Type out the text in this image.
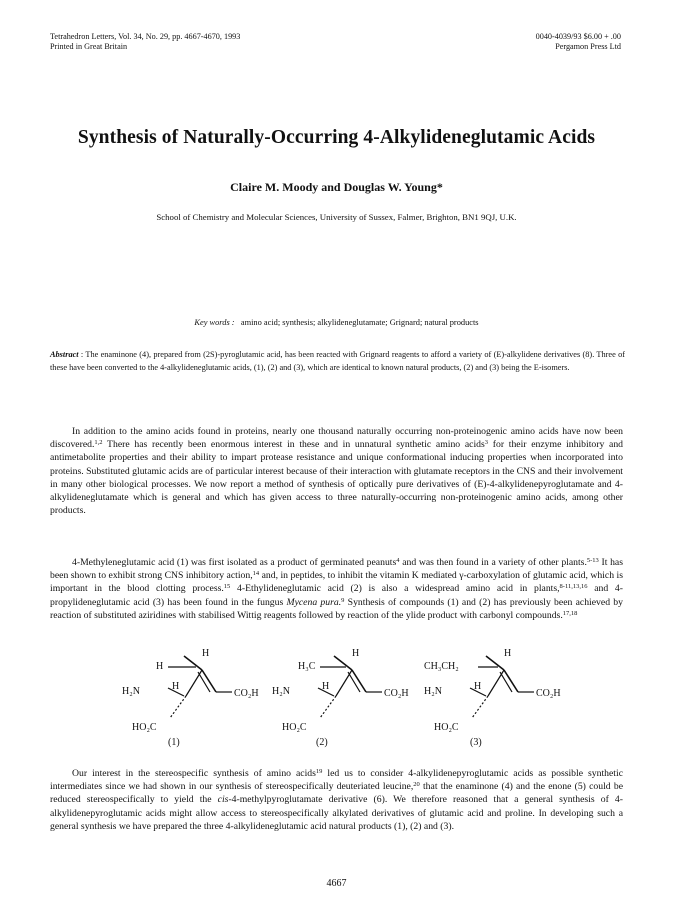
Tetrahedron Letters, Vol. 34, No. 29, pp. 4667-4670, 1993
Printed in Great Britain
0040-4039/93 $6.00 + .00
Pergamon Press Ltd
Synthesis of Naturally-Occurring 4-Alkylideneglutamic Acids
Claire M. Moody and Douglas W. Young*
School of Chemistry and Molecular Sciences, University of Sussex, Falmer, Brighton, BN1 9QJ, U.K.
Key words : amino acid; synthesis; alkylideneglutamate; Grignard; natural products
Abstract : The enaminone (4), prepared from (2S)-pyroglutamic acid, has been reacted with Grignard reagents to afford a variety of (E)-alkylidene derivatives (8). Three of these have been converted to the 4-alkylideneglutamic acids, (1), (2) and (3), which are identical to known natural products, (2) and (3) being the E-isomers.

In addition to the amino acids found in proteins, nearly one thousand naturally occurring non-proteinogenic amino acids have now been discovered.$^{1,2}$ There has recently been enormous interest in these and in unnatural synthetic amino acids$^3$ for their enzyme inhibitory and antimetabolite properties and their ability to impart protease resistance and unique conformational inducing properties when incorporated into proteins. Substituted glutamic acids are of particular interest because of their interaction with glutamate receptors in the CNS and their involvement in many other biological processes. We now report a method of synthesis of optically pure derivatives of (E)-4-alkylidenepyroglutamate and 4-alkylideneglutamate which is general and which has given access to three naturally-occurring non-proteinogenic amino acids, among other products.

4-Methyleneglutamic acid (1) was first isolated as a product of germinated peanuts$^4$ and was then found in a variety of other plants.$^{5-13}$ It has been shown to exhibit strong CNS inhibitory action,$^{14}$ and, in peptides, to inhibit the vitamin K mediated γ-carboxylation of glutamic acid, which is important in the blood clotting process.$^{15}$ 4-Ethylideneglutamic acid (2) is also a widespread amino acid in plants,$^{8-11,13,16}$ and 4-propylideneglutamic acid (3) has been found in the fungus Mycena pura.$^9$ Synthesis of compounds (1) and (2) has previously been achieved by reaction of substituted aziridines with stabilised Wittig reagents followed by reaction of the ylide product with carbonyl compounds.$^{17,18}$

H
H
H₂N	H
CO₂H
HO₂C
(1)
H₃C
H
H₂N	H
CO₂H
HO₂C
(2)
CH₃CH₂
H
H₂N	H
CO₂H
HO₂C
(3)

Our interest in the stereospecific synthesis of amino acids$^{19}$ led us to consider 4-alkylidenepyroglutamic acids as possible synthetic intermediates since we had shown in our synthesis of stereospecifically deuteriated leucine,$^{20}$ that the enaminone (4) and the enone (5) could be reduced stereospecifically to yield the cis-4-methylpyroglutamate derivative (6). We therefore reasoned that a general synthesis of 4-alkylidenepyroglutamic acids might allow access to stereospecifically alkylated derivatives of glutamic acid and proline. In developing such a general synthesis we have prepared the three 4-alkylideneglutamic acid natural products (1), (2) and (3).

4667
